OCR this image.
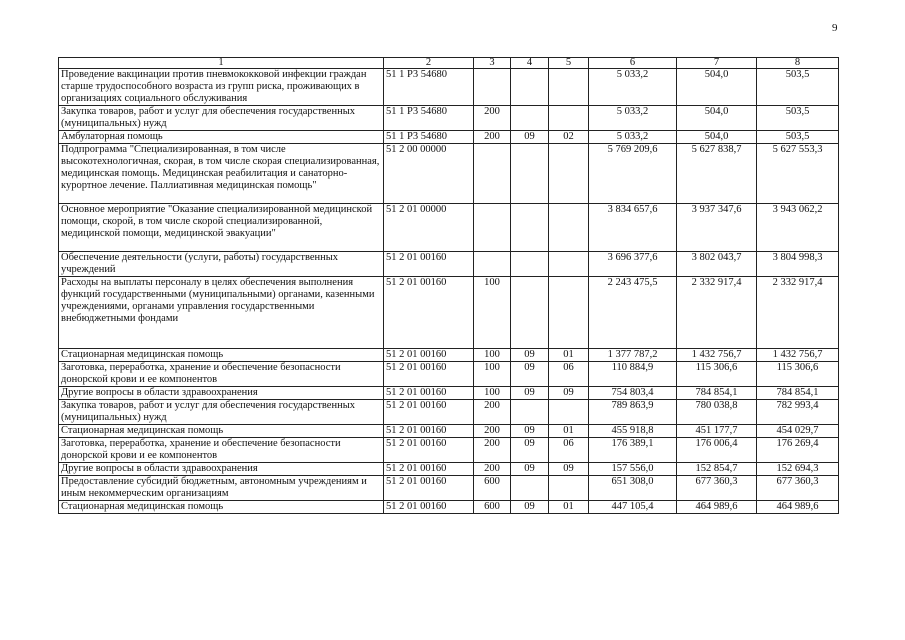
9
1	2	3	4	5	6	7	8
Проведение вакцинации против пневмококковой инфекции граждан старше трудоспособного возраста из групп риска, проживающих в организациях социального обслуживания	51 1 P3 54680				5 033,2	504,0	503,5
Закупка товаров, работ и услуг для обеспечения государственных (муниципальных) нужд	51 1 P3 54680	200			5 033,2	504,0	503,5
Амбулаторная помощь	51 1 P3 54680	200	09	02	5 033,2	504,0	503,5
Подпрограмма "Специализированная, в том числе высокотехнологичная, скорая, в том числе скорая специализированная, медицинская помощь. Медицинская реабилитация и санаторно-курортное лечение. Паллиативная медицинская помощь"	51 2 00 00000				5 769 209,6	5 627 838,7	5 627 553,3
Основное мероприятие "Оказание специализированной медицинской помощи, скорой, в том числе скорой специализированной, медицинской помощи, медицинской эвакуации"	51 2 01 00000				3 834 657,6	3 937 347,6	3 943 062,2
Обеспечение деятельности (услуги, работы) государственных учреждений	51 2 01 00160				3 696 377,6	3 802 043,7	3 804 998,3
Расходы на выплаты персоналу в целях обеспечения выполнения функций государственными (муниципальными) органами, казенными учреждениями, органами управления государственными внебюджетными фондами	51 2 01 00160	100			2 243 475,5	2 332 917,4	2 332 917,4
Стационарная медицинская помощь	51 2 01 00160	100	09	01	1 377 787,2	1 432 756,7	1 432 756,7
Заготовка, переработка, хранение и обеспечение безопасности донорской крови и ее компонентов	51 2 01 00160	100	09	06	110 884,9	115 306,6	115 306,6
Другие вопросы в области здравоохранения	51 2 01 00160	100	09	09	754 803,4	784 854,1	784 854,1
Закупка товаров, работ и услуг для обеспечения государственных (муниципальных) нужд	51 2 01 00160	200			789 863,9	780 038,8	782 993,4
Стационарная медицинская помощь	51 2 01 00160	200	09	01	455 918,8	451 177,7	454 029,7
Заготовка, переработка, хранение и обеспечение безопасности донорской крови и ее компонентов	51 2 01 00160	200	09	06	176 389,1	176 006,4	176 269,4
Другие вопросы в области здравоохранения	51 2 01 00160	200	09	09	157 556,0	152 854,7	152 694,3
Предоставление субсидий бюджетным, автономным учреждениям и иным некоммерческим организациям	51 2 01 00160	600			651 308,0	677 360,3	677 360,3
Стационарная медицинская помощь	51 2 01 00160	600	09	01	447 105,4	464 989,6	464 989,6
